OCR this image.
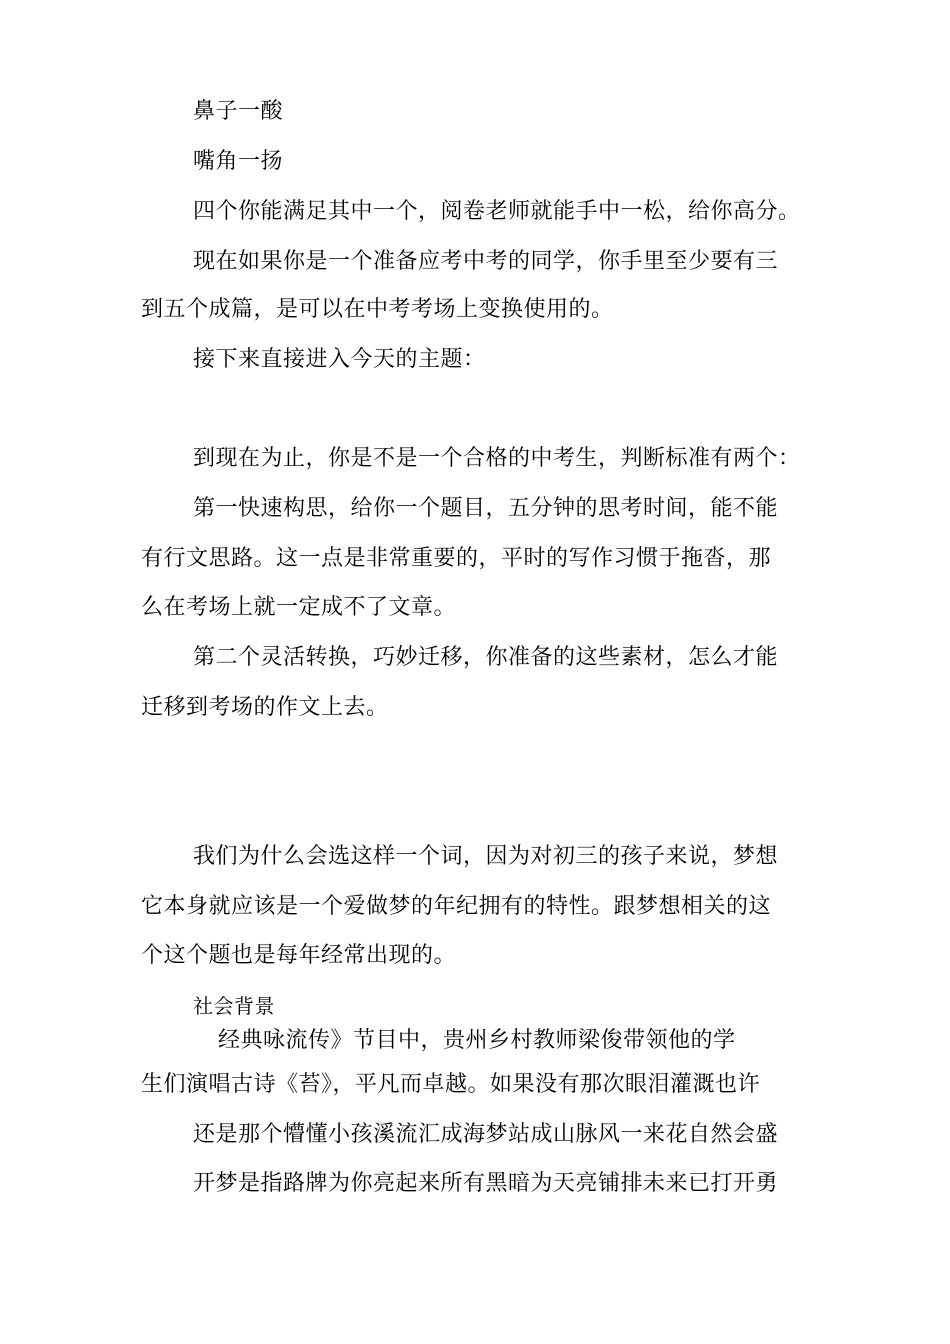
鼻子一酸
嘴角一扬
四个你能满足其中一个，阅卷老师就能手中一松，给你高分。
现在如果你是一个准备应考中考的同学，你手里至少要有三
到五个成篇，是可以在中考考场上变换使用的。
接下来直接进入今天的主题：
到现在为止，你是不是一个合格的中考生，判断标准有两个：
第一快速构思，给你一个题目，五分钟的思考时间，能不能
有行文思路。这一点是非常重要的，平时的写作习惯于拖沓，那
么在考场上就一定成不了文章。
第二个灵活转换，巧妙迁移，你准备的这些素材，怎么才能
迁移到考场的作文上去。
我们为什么会选这样一个词，因为对初三的孩子来说，梦想
它本身就应该是一个爱做梦的年纪拥有的特性。跟梦想相关的这
个这个题也是每年经常出现的。
社会背景
经典咏流传》节目中，贵州乡村教师梁俊带领他的学
生们演唱古诗《苔》，平凡而卓越。如果没有那次眼泪灌溉也许
还是那个懵懂小孩溪流汇成海梦站成山脉风一来花自然会盛
开梦是指路牌为你亮起来所有黑暗为天亮铺排未来已打开勇
